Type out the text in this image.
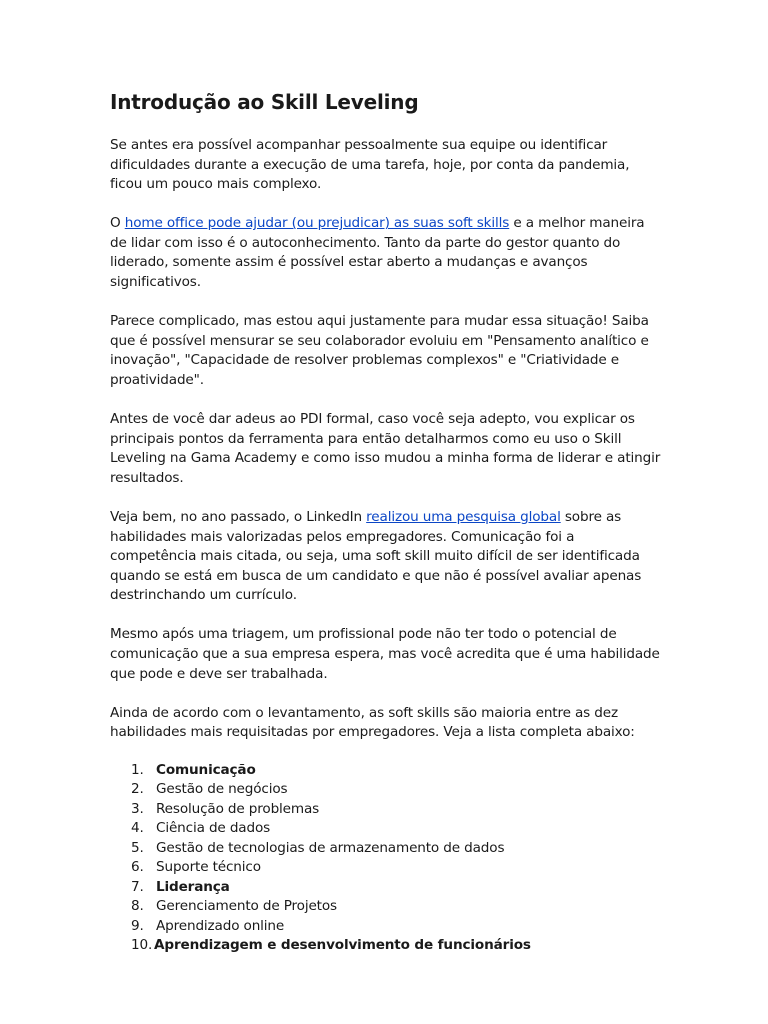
Introdução ao Skill Leveling

Se antes era possível acompanhar pessoalmente sua equipe ou identificar dificuldades durante a execução de uma tarefa, hoje, por conta da pandemia, ficou um pouco mais complexo.

O home office pode ajudar (ou prejudicar) as suas soft skills e a melhor maneira de lidar com isso é o autoconhecimento. Tanto da parte do gestor quanto do liderado, somente assim é possível estar aberto a mudanças e avanços significativos.

Parece complicado, mas estou aqui justamente para mudar essa situação! Saiba que é possível mensurar se seu colaborador evoluiu em "Pensamento analítico e inovação", "Capacidade de resolver problemas complexos" e "Criatividade e proatividade".

Antes de você dar adeus ao PDI formal, caso você seja adepto, vou explicar os principais pontos da ferramenta para então detalharmos como eu uso o Skill Leveling na Gama Academy e como isso mudou a minha forma de liderar e atingir resultados.

Veja bem, no ano passado, o LinkedIn realizou uma pesquisa global sobre as habilidades mais valorizadas pelos empregadores. Comunicação foi a competência mais citada, ou seja, uma soft skill muito difícil de ser identificada quando se está em busca de um candidato e que não é possível avaliar apenas destrinchando um currículo.

Mesmo após uma triagem, um profissional pode não ter todo o potencial de comunicação que a sua empresa espera, mas você acredita que é uma habilidade que pode e deve ser trabalhada.

Ainda de acordo com o levantamento, as soft skills são maioria entre as dez habilidades mais requisitadas por empregadores. Veja a lista completa abaixo:

1. Comunicação
2. Gestão de negócios
3. Resolução de problemas
4. Ciência de dados
5. Gestão de tecnologias de armazenamento de dados
6. Suporte técnico
7. Liderança
8. Gerenciamento de Projetos
9. Aprendizado online
10. Aprendizagem e desenvolvimento de funcionários
